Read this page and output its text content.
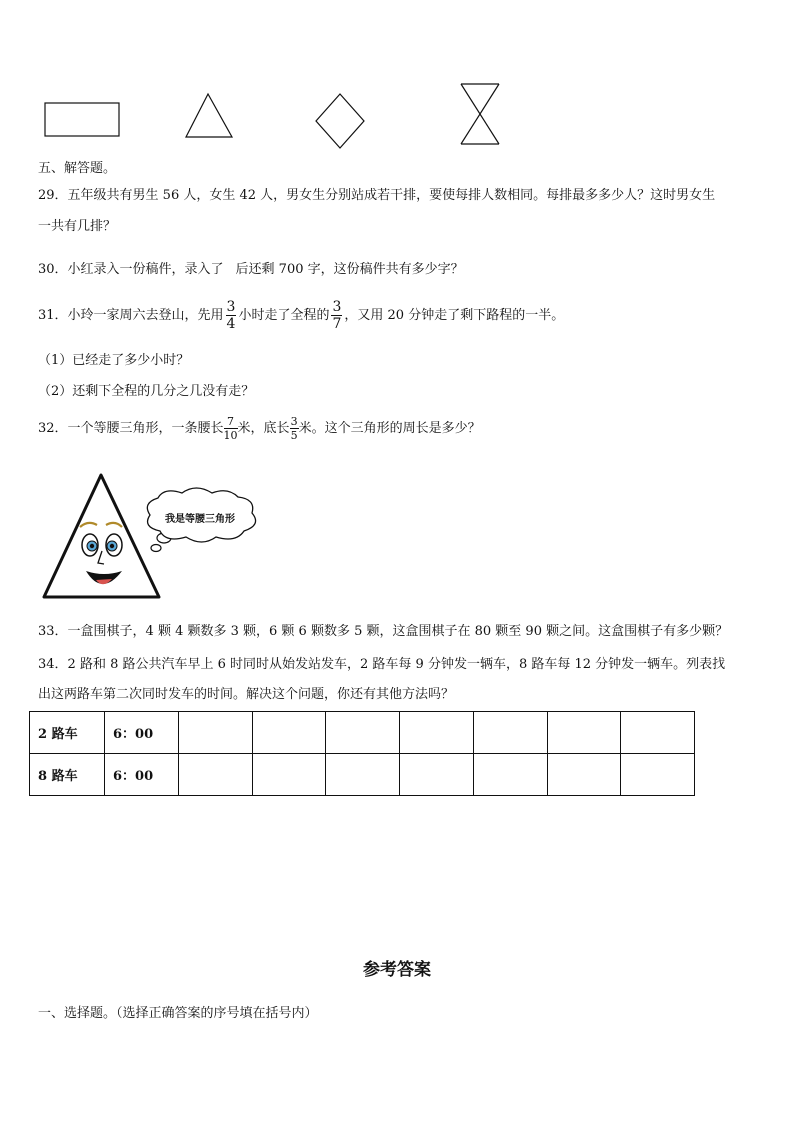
五、解答题。
29．五年级共有男生 56 人，女生 42 人，男女生分别站成若干排，要使每排人数相同。每排最多多少人？这时男女生
一共有几排？
30．小红录入一份稿件，录入了 后还剩 700 字，这份稿件共有多少字？
31．小玲一家周六去登山，先用 $\frac{3}{4}$ 小时走了全程的 $\frac{3}{7}$ ，又用 20 分钟走了剩下路程的一半。
（1）已经走了多少小时？
（2）还剩下全程的几分之几没有走？
32．一个等腰三角形，一条腰长 $\frac{7}{10}$ 米，底长 $\frac{3}{5}$ 米。这个三角形的周长是多少？
我是等腰三角形
33．一盒围棋子，4 颗 4 颗数多 3 颗，6 颗 6 颗数多 5 颗，这盒围棋子在 80 颗至 90 颗之间。这盒围棋子有多少颗？
34．2 路和 8 路公共汽车早上 6 时同时从始发站发车，2 路车每 9 分钟发一辆车，8 路车每 12 分钟发一辆车。列表找
出这两路车第二次同时发车的时间。解决这个问题，你还有其他方法吗？
2 路车	6：00							
8 路车	6：00							
参考答案
一、选择题。（选择正确答案的序号填在括号内）
